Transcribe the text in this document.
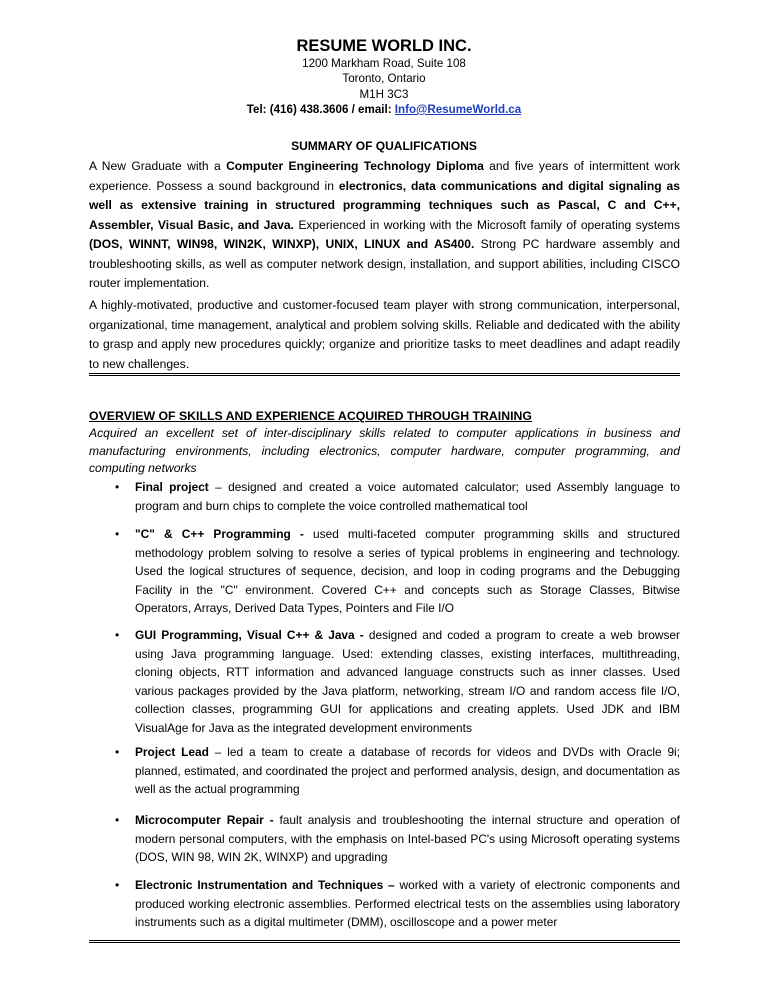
RESUME WORLD INC.
1200 Markham Road, Suite 108
Toronto, Ontario
M1H 3C3
Tel: (416) 438.3606 / email: Info@ResumeWorld.ca
SUMMARY OF QUALIFICATIONS

A New Graduate with a Computer Engineering Technology Diploma and five years of intermittent work experience. Possess a sound background in electronics, data communications and digital signaling as well as extensive training in structured programming techniques such as Pascal, C and C++, Assembler, Visual Basic, and Java. Experienced in working with the Microsoft family of operating systems (DOS, WINNT, WIN98, WIN2K, WINXP), UNIX, LINUX and AS400. Strong PC hardware assembly and troubleshooting skills, as well as computer network design, installation, and support abilities, including CISCO router implementation.

A highly-motivated, productive and customer-focused team player with strong communication, interpersonal, organizational, time management, analytical and problem solving skills. Reliable and dedicated with the ability to grasp and apply new procedures quickly; organize and prioritize tasks to meet deadlines and adapt readily to new challenges.

OVERVIEW OF SKILLS AND EXPERIENCE ACQUIRED THROUGH TRAINING

Acquired an excellent set of inter-disciplinary skills related to computer applications in business and manufacturing environments, including electronics, computer hardware, computer programming, and computing networks

• Final project – designed and created a voice automated calculator; used Assembly language to program and burn chips to complete the voice controlled mathematical tool
• "C" & C++ Programming - used multi-faceted computer programming skills and structured methodology problem solving to resolve a series of typical problems in engineering and technology. Used the logical structures of sequence, decision, and loop in coding programs and the Debugging Facility in the "C" environment. Covered C++ and concepts such as Storage Classes, Bitwise Operators, Arrays, Derived Data Types, Pointers and File I/O
• GUI Programming, Visual C++ & Java - designed and coded a program to create a web browser using Java programming language. Used: extending classes, existing interfaces, multithreading, cloning objects, RTT information and advanced language constructs such as inner classes. Used various packages provided by the Java platform, networking, stream I/O and random access file I/O, collection classes, programming GUI for applications and creating applets. Used JDK and IBM VisualAge for Java as the integrated development environments
• Project Lead – led a team to create a database of records for videos and DVDs with Oracle 9i; planned, estimated, and coordinated the project and performed analysis, design, and documentation as well as the actual programming
• Microcomputer Repair - fault analysis and troubleshooting the internal structure and operation of modern personal computers, with the emphasis on Intel-based PC's using Microsoft operating systems (DOS, WIN 98, WIN 2K, WINXP) and upgrading
• Electronic Instrumentation and Techniques – worked with a variety of electronic components and produced working electronic assemblies. Performed electrical tests on the assemblies using laboratory instruments such as a digital multimeter (DMM), oscilloscope and a power meter
